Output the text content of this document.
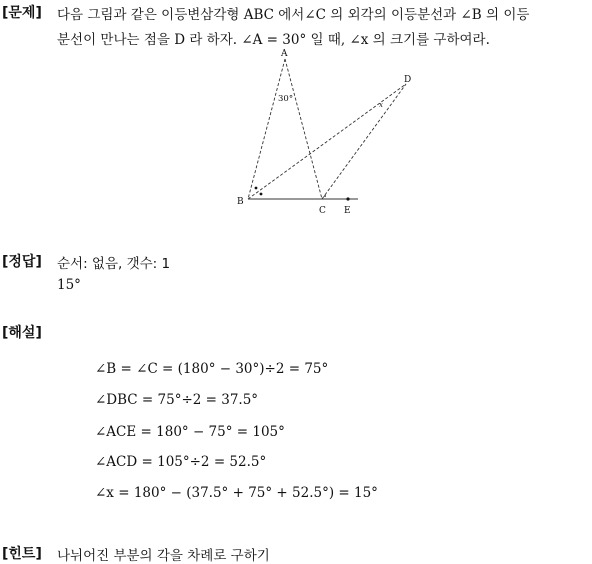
[문제] 다음 그림과 같은 이등변삼각형 ABC 에서∠C 의 외각의 이등분선과 ∠B 의 이등
분선이 만나는 점을 D 라 하자. ∠A = 30° 일 때, ∠x 의 크기를 구하여라.
A
B
C
D
E
30°
x
[정답] 순서: 없음, 갯수: 1
15°
[해설]
∠B = ∠C = (180° − 30°)÷2 = 75°
∠DBC = 75°÷2 = 37.5°
∠ACE = 180° − 75° = 105°
∠ACD = 105°÷2 = 52.5°
∠x = 180° − (37.5° + 75° + 52.5°) = 15°
[힌트] 나뉘어진 부분의 각을 차례로 구하기
